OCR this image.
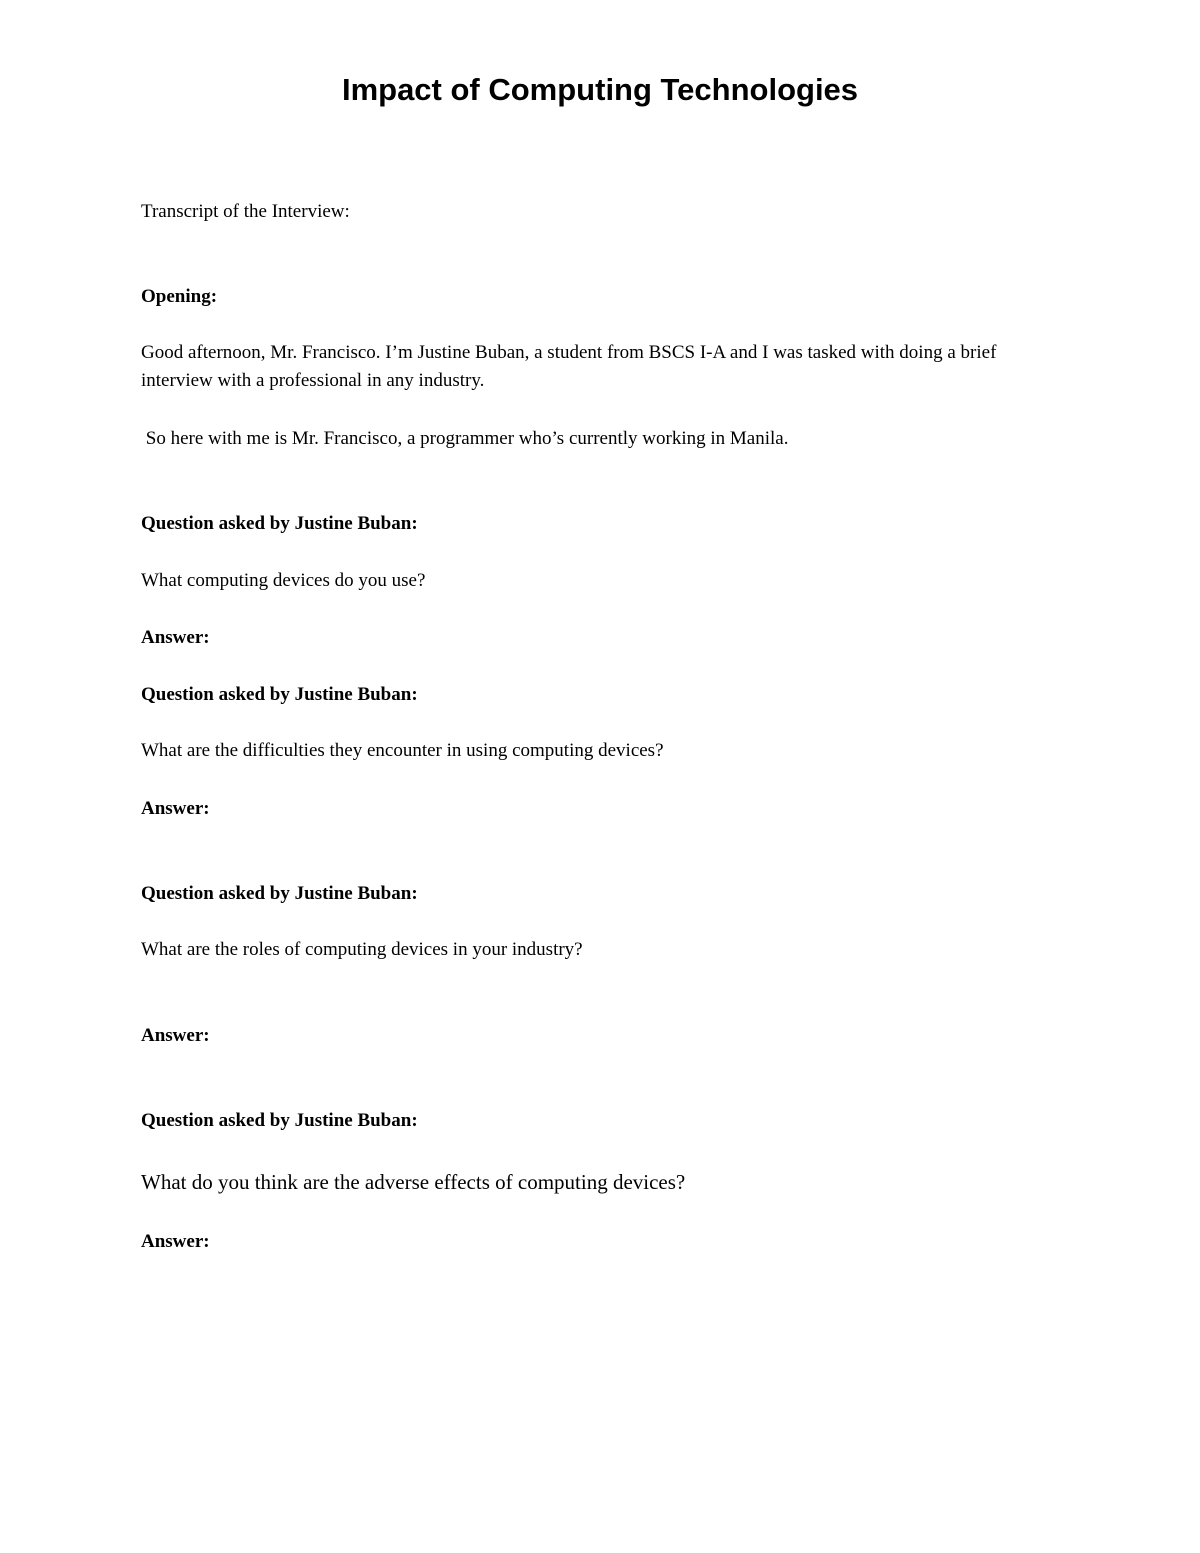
Impact of Computing Technologies

Transcript of the Interview:

Opening:

Good afternoon, Mr. Francisco. I’m Justine Buban, a student from BSCS I-A and I was tasked with doing a brief interview with a professional in any industry.

So here with me is Mr. Francisco, a programmer who’s currently working in Manila.

Question asked by Justine Buban:

What computing devices do you use?

Answer:

Question asked by Justine Buban:

What are the difficulties they encounter in using computing devices?

Answer:

Question asked by Justine Buban:

What are the roles of computing devices in your industry?

Answer:

Question asked by Justine Buban:

What do you think are the adverse effects of computing devices?

Answer:
